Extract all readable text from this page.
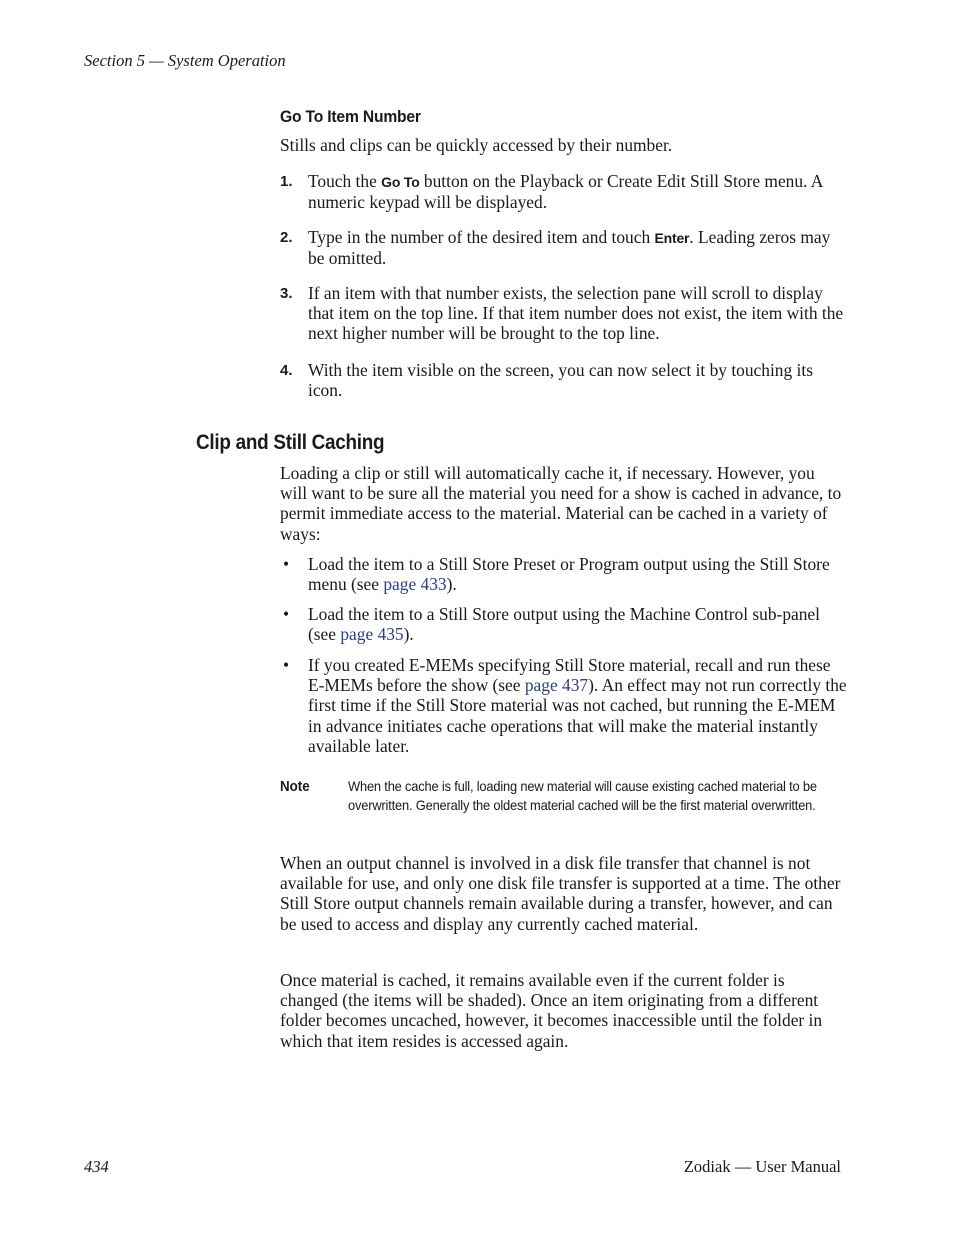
Section 5 — System Operation
Go To Item Number
Stills and clips can be quickly accessed by their number.
1. Touch the Go To button on the Playback or Create Edit Still Store menu. A numeric keypad will be displayed.
2. Type in the number of the desired item and touch Enter. Leading zeros may be omitted.
3. If an item with that number exists, the selection pane will scroll to display that item on the top line. If that item number does not exist, the item with the next higher number will be brought to the top line.
4. With the item visible on the screen, you can now select it by touching its icon.
Clip and Still Caching
Loading a clip or still will automatically cache it, if necessary. However, you will want to be sure all the material you need for a show is cached in advance, to permit immediate access to the material. Material can be cached in a variety of ways:
• Load the item to a Still Store Preset or Program output using the Still Store menu (see page 433).
• Load the item to a Still Store output using the Machine Control sub-panel (see page 435).
• If you created E-MEMs specifying Still Store material, recall and run these E-MEMs before the show (see page 437). An effect may not run correctly the first time if the Still Store material was not cached, but running the E-MEM in advance initiates cache operations that will make the material instantly available later.
Note	When the cache is full, loading new material will cause existing cached material to be overwritten. Generally the oldest material cached will be the first material overwritten.
When an output channel is involved in a disk file transfer that channel is not available for use, and only one disk file transfer is supported at a time. The other Still Store output channels remain available during a transfer, however, and can be used to access and display any currently cached material.
Once material is cached, it remains available even if the current folder is changed (the items will be shaded). Once an item originating from a different folder becomes uncached, however, it becomes inaccessible until the folder in which that item resides is accessed again.
434	Zodiak — User Manual
